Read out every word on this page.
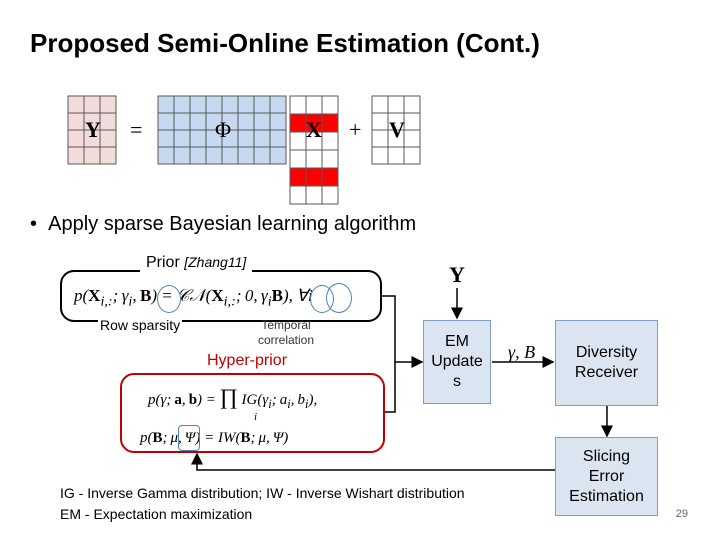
Proposed Semi-Online Estimation (Cont.)
Y =	Φ	X + V
•  Apply sparse Bayesian learning algorithm
Prior [Zhang11]
$p(X_{i,:}$; $\gamma_i$, $B) = 𝒞𝒩(X_{i,:}$; 0, $\gamma_iB$), ∀i
Row sparsity	Temporal
correlation
Hyper-prior
p(γ; a, b) = ∏ $IG(\gamma_i$; $a_i$, $b_i$),
i
p(B; μ, Ψ) = IW(B; μ, Ψ)
Y
EM Update s
γ, B	Diversity Receiver
Slicing Error Estimation
IG - Inverse Gamma distribution; IW - Inverse Wishart distribution
EM - Expectation maximization	29
